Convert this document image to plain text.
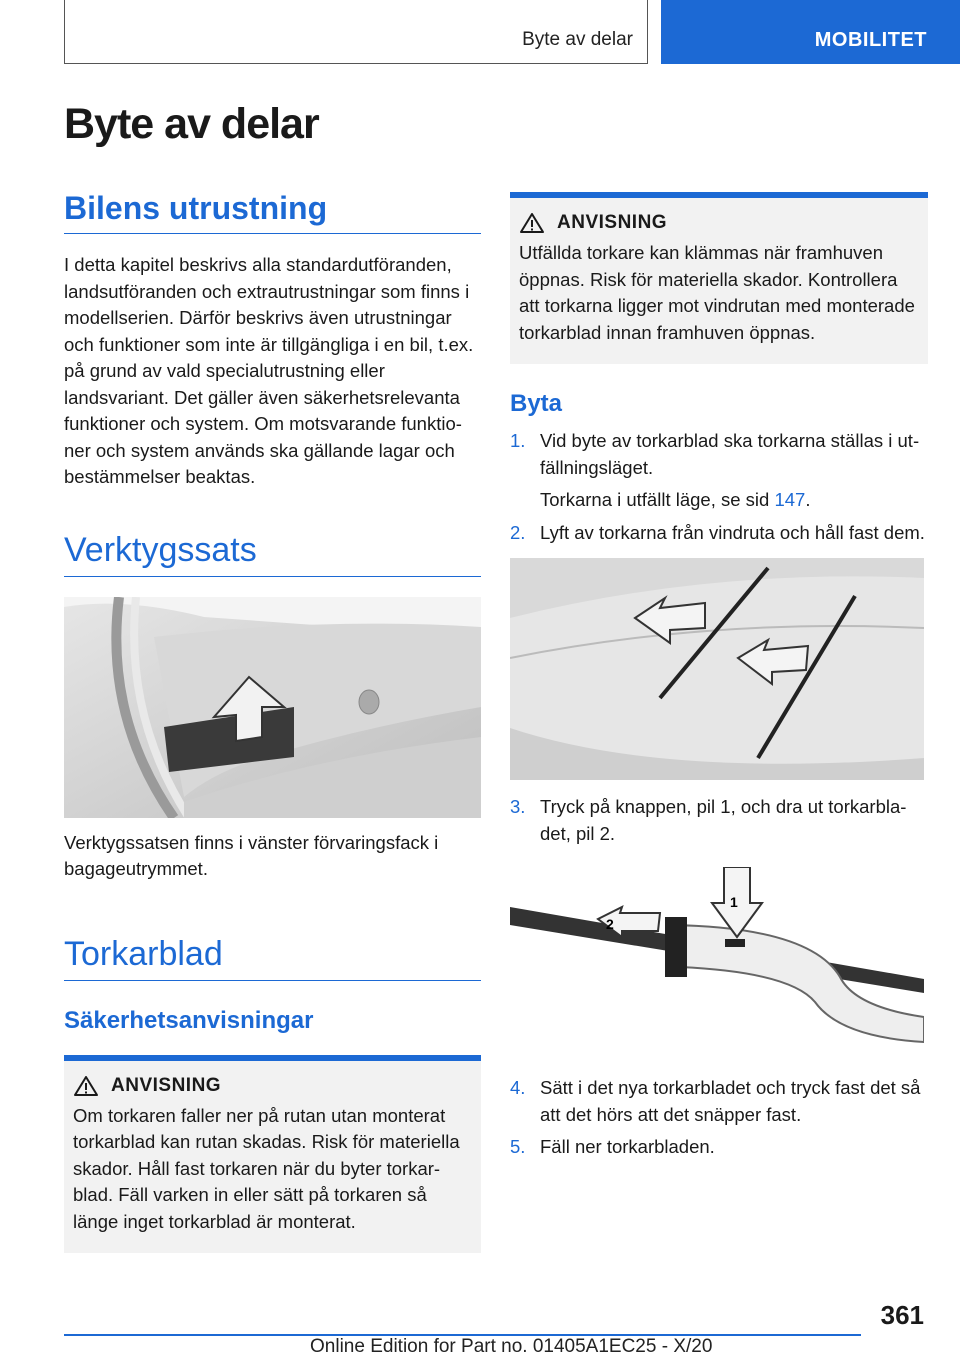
Byte av delar	MOBILITET
Byte av delar
Bilens utrustning

I detta kapitel beskrivs alla standardutföranden, landsutföranden och extrautrustningar som finns i modellserien. Därför beskrivs även utrustningar och funktioner som inte är tillgängliga i en bil, t.ex. på grund av vald specialutrustning eller landsvariant. Det gäller även säkerhetsrelevanta funktioner och system. Om motsvarande funktioner och system används ska gällande lagar och bestämmelser beaktas.

Verktygssats

Verktygssatsen finns i vänster förvaringsfack i bagageutrymmet.

Torkarblad
Säkerhetsanvisningar
ANVISNING

Om torkaren faller ner på rutan utan monterat torkarblad kan rutan skadas. Risk för materiella skador. Håll fast torkaren när du byter torkarblad. Fäll varken in eller sätt på torkaren så länge inget torkarblad är monterat.

ANVISNING

Utfällda torkare kan klämmas när framhuven öppnas. Risk för materiella skador. Kontrollera att torkarna ligger mot vindrutan med monterade torkarblad innan framhuven öppnas.

Byta
1. Vid byte av torkarblad ska torkarna ställas i utfällningsläget.
Torkarna i utfällt läge, se sid 147.
2. Lyft av torkarna från vindruta och håll fast dem.
3. Tryck på knappen, pil 1, och dra ut torkarbladet, pil 2.
2
1
4. Sätt i det nya torkarbladet och tryck fast det så att det hörs att det snäpper fast.
5. Fäll ner torkarbladen.
361
Online Edition for Part no. 01405A1EC25 - X/20
